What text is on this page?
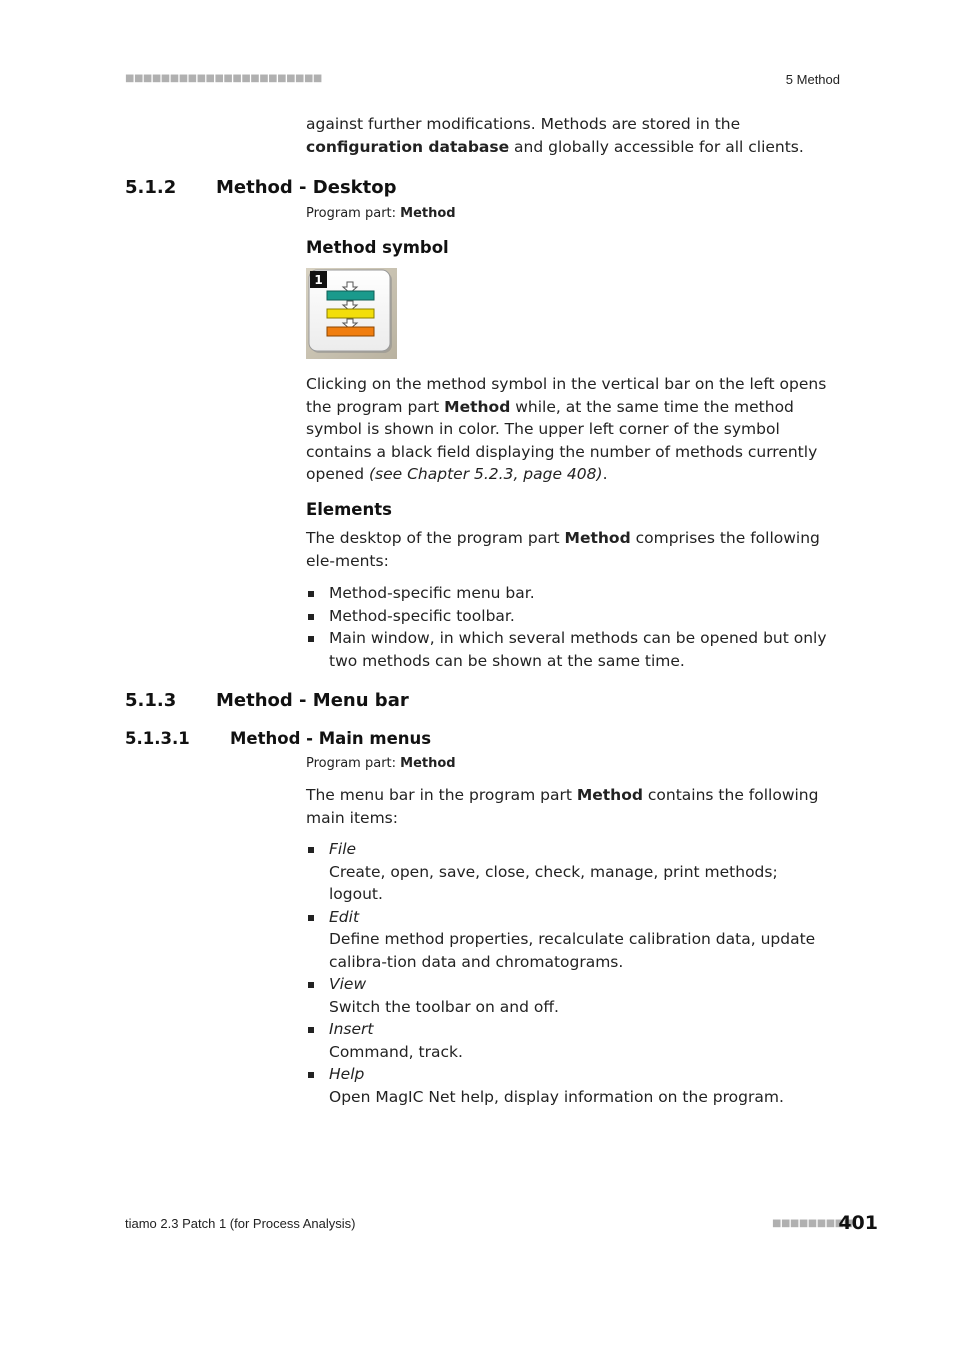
■■■■■■■■■■■■■■■■■■■■■■	5 Method
against further modifications. Methods are stored in the configuration database and globally accessible for all clients.
5.1.2 Method - Desktop
Program part: Method
Method symbol
1
Clicking on the method symbol in the vertical bar on the left opens the program part Method while, at the same time the method symbol is shown in color. The upper left corner of the symbol contains a black field displaying the number of methods currently opened (see Chapter 5.2.3, page 408).
Elements
The desktop of the program part Method comprises the following ele-ments:
Method-specific menu bar.
Method-specific toolbar.
Main window, in which several methods can be opened but only two methods can be shown at the same time.
5.1.3 Method - Menu bar
5.1.3.1 Method - Main menus
Program part: Method
The menu bar in the program part Method contains the following main items:
File
Create, open, save, close, check, manage, print methods; logout.
Edit
Define method properties, recalculate calibration data, update calibra-tion data and chromatograms.
View
Switch the toolbar on and off.
Insert
Command, track.
Help
Open MagIC Net help, display information on the program.
tiamo 2.3 Patch 1 (for Process Analysis)	■■■■■■■■■
401
